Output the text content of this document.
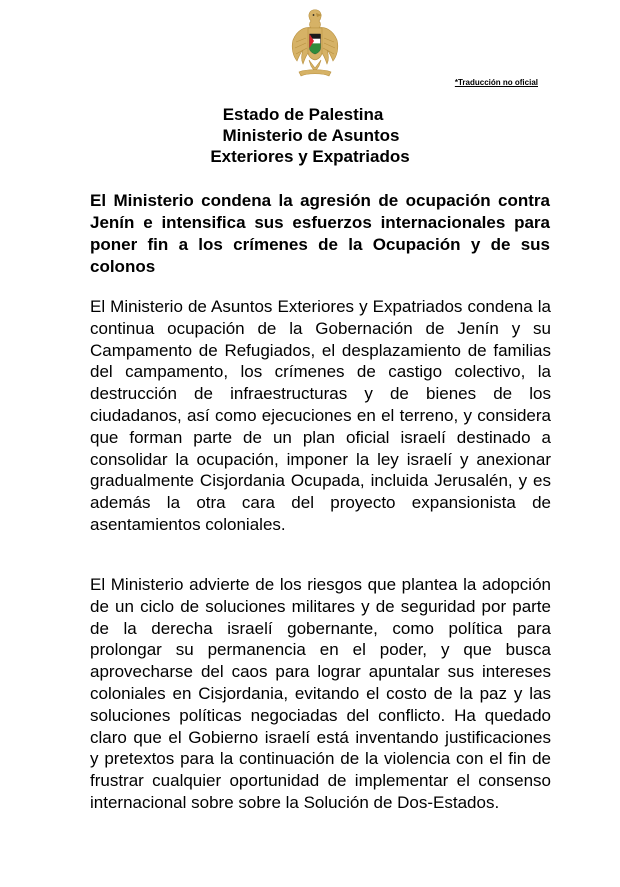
*Traducción no oficial
Estado de Palestina
Ministerio de Asuntos
Exteriores y Expatriados
El Ministerio condena la agresión de ocupación contra Jenín e intensifica sus esfuerzos internacionales para poner fin a los crímenes de la Ocupación y de sus colonos

El Ministerio de Asuntos Exteriores y Expatriados condena la continua ocupación de la Gobernación de Jenín y su Campamento de Refugiados, el desplazamiento de familias del campamento, los crímenes de castigo colectivo, la destrucción de infraestructuras y de bienes de los ciudadanos, así como ejecuciones en el terreno, y considera que forman parte de un plan oficial israelí destinado a consolidar la ocupación, imponer la ley israelí y anexionar gradualmente Cisjordania Ocupada, incluida Jerusalén, y es además la otra cara del proyecto expansionista de asentamientos coloniales.

El Ministerio advierte de los riesgos que plantea la adopción de un ciclo de soluciones militares y de seguridad por parte de la derecha israelí gobernante, como política para prolongar su permanencia en el poder, y que busca aprovecharse del caos para lograr apuntalar sus intereses coloniales en Cisjordania, evitando el costo de la paz y las soluciones políticas negociadas del conflicto. Ha quedado claro que el Gobierno israelí está inventando justificaciones y pretextos para la continuación de la violencia con el fin de frustrar cualquier oportunidad de implementar el consenso internacional sobre sobre la Solución de Dos-Estados.
